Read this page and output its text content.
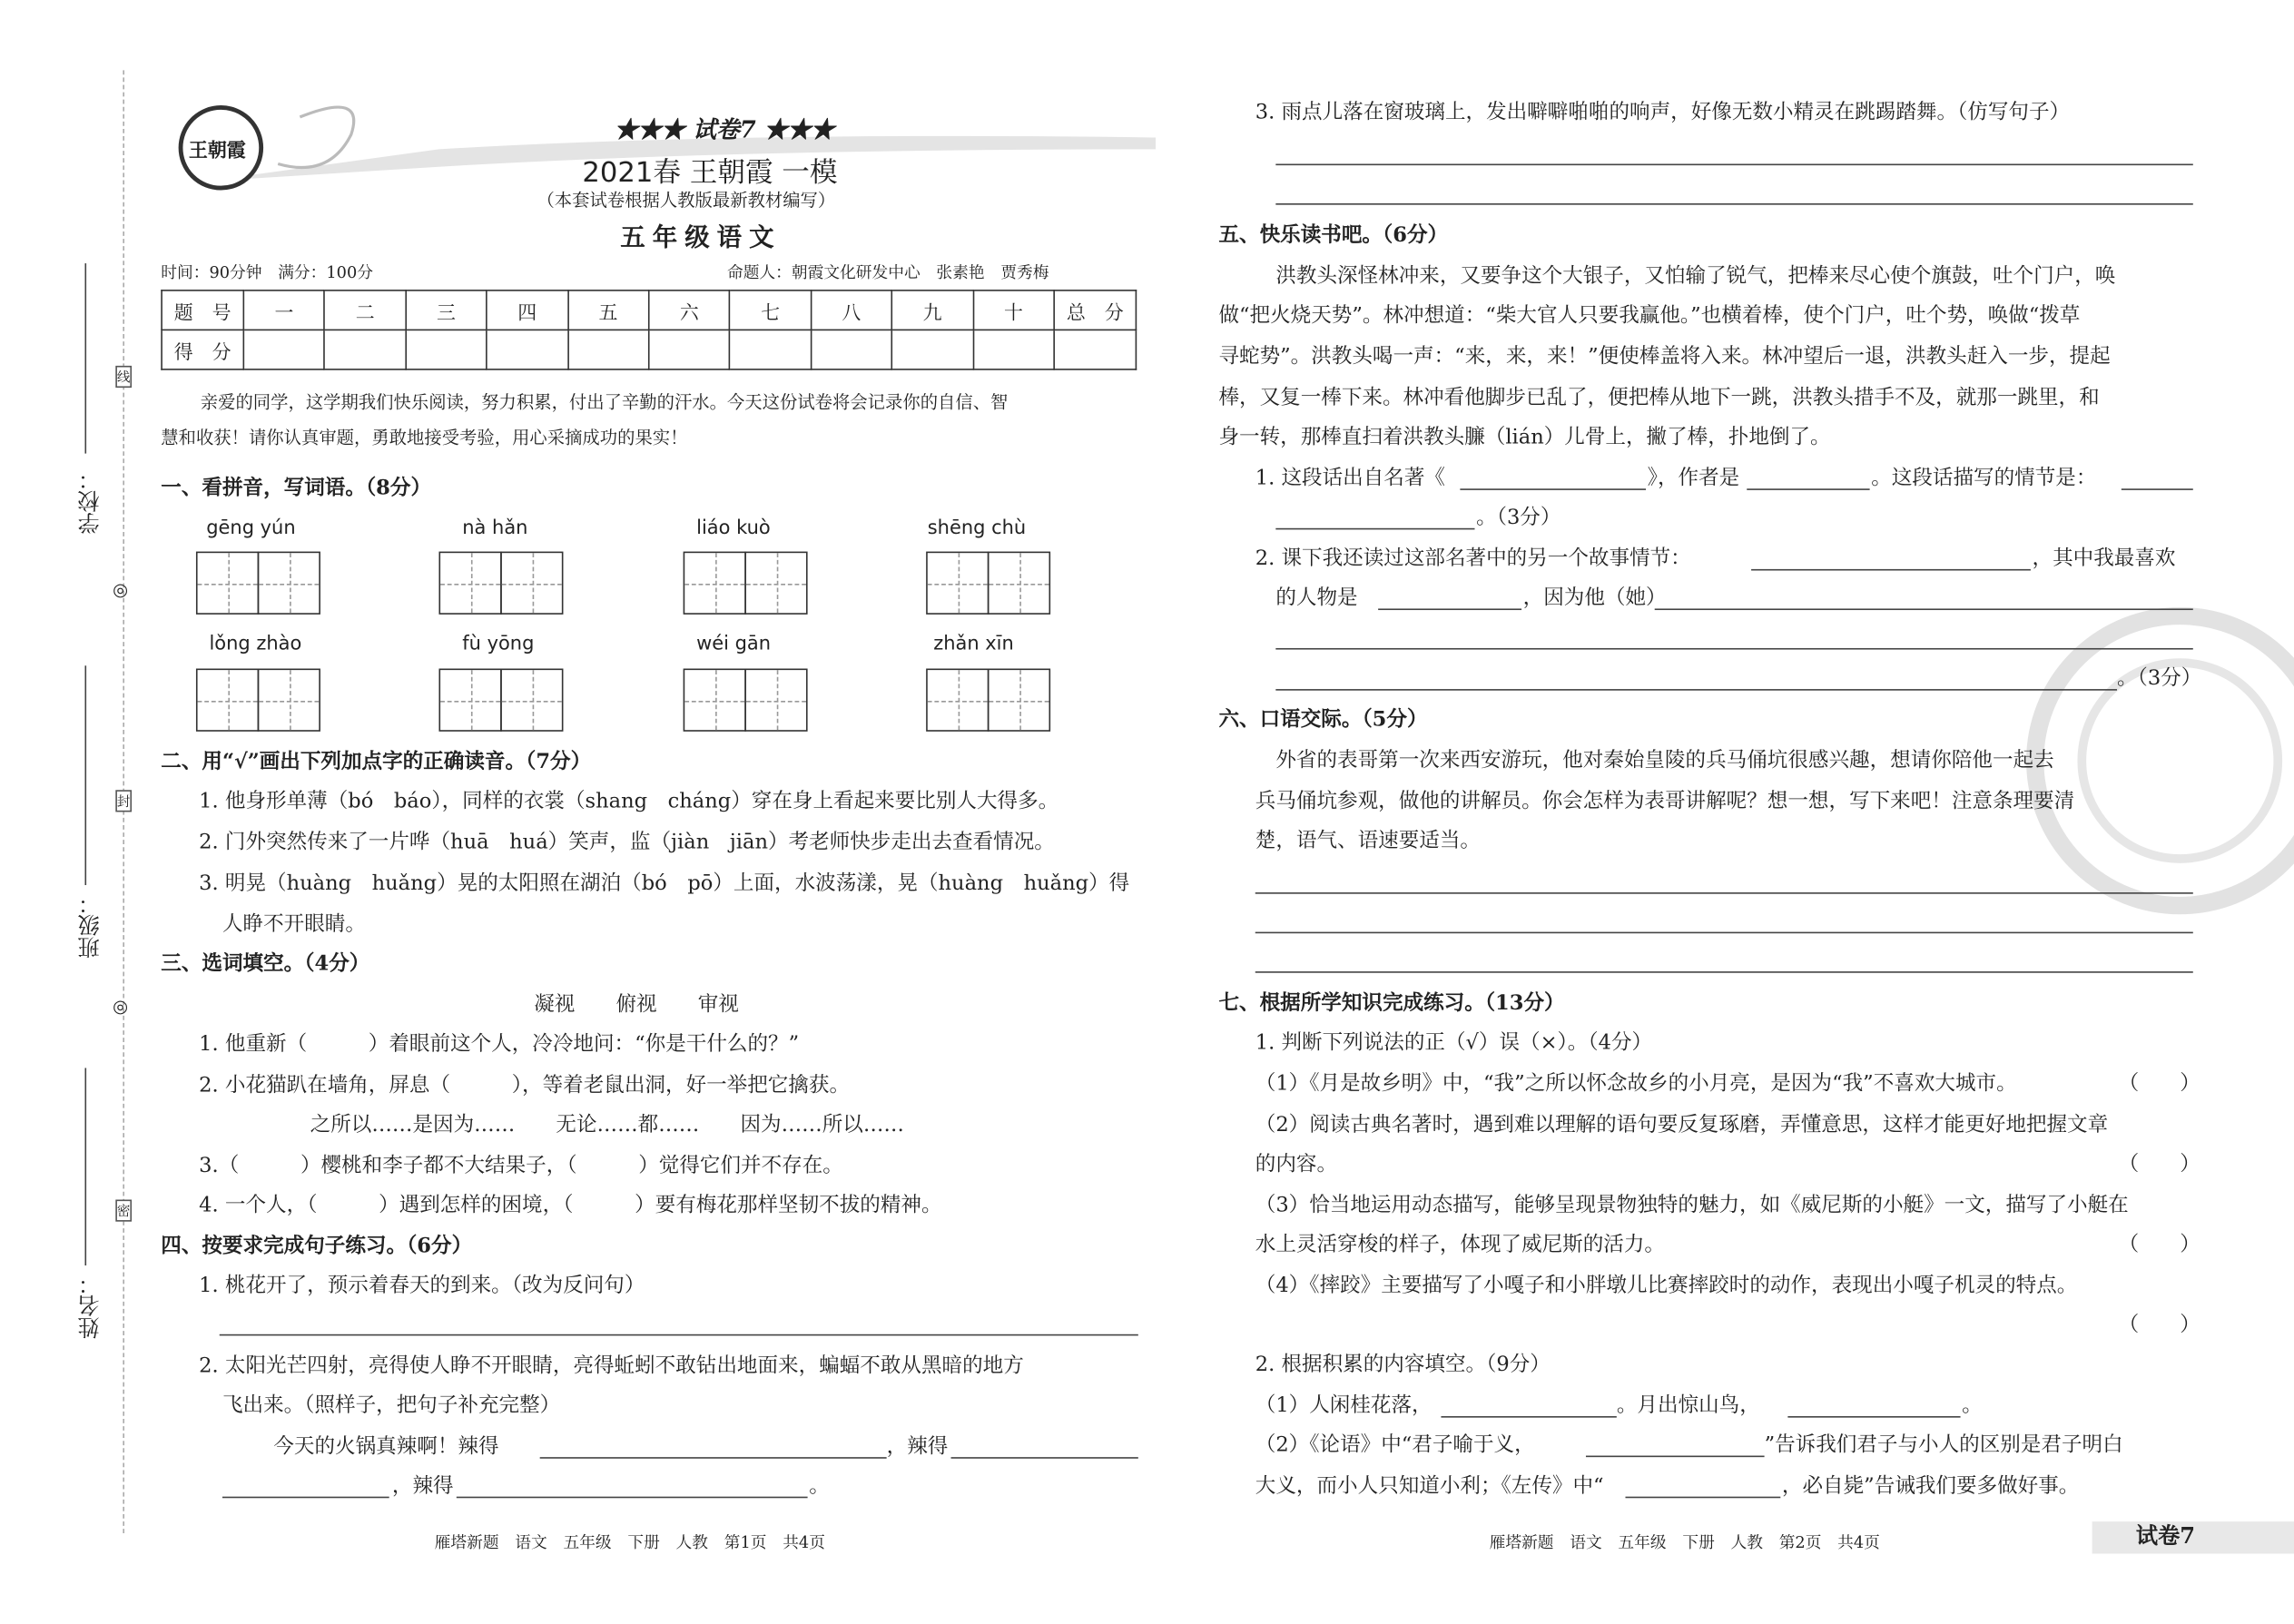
线
封
密
学校：
班级：
姓名：
◎
◎
王朝霞
★★★ 试卷7 ★★★
2021春 王朝霞 一模
（本套试卷根据人教版最新教材编写）
五年级语文
时间：90分钟　满分：100分	命题人：朝霞文化研发中心　张素艳　贾秀梅
题　号	一	二	三	四	五	六	七	八	九	十	总　分
得　分											
亲爱的同学，这学期我们快乐阅读，努力积累，付出了辛勤的汗水。今天这份试卷将会记录你的自信、智
慧和收获！请你认真审题，勇敢地接受考验，用心采摘成功的果实！
一、看拼音，写词语。（8分）
gēng yún	nà hǎn	liáo kuò	shēng chù
lǒng zhào	fù yōng	wéi gān	zhǎn xīn
二、用“√”画出下列加点字的正确读音。（7分）
1. 他身形单薄（bó　báo），同样的衣裳（shang　cháng）穿在身上看起来要比别人大得多。
2. 门外突然传来了一片哗（huā　huá）笑声，监（jiàn　jiān）考老师快步走出去查看情况。
3. 明晃（huàng　huǎng）晃的太阳照在湖泊（bó　pō）上面，水波荡漾，晃（huàng　huǎng）得
人睁不开眼睛。
三、选词填空。（4分）
凝视　　俯视　　审视
1. 他重新（　　　）着眼前这个人，冷冷地问：“你是干什么的？”
2. 小花猫趴在墙角，屏息（　　　），等着老鼠出洞，好一举把它擒获。
之所以……是因为……　　无论……都……　　因为……所以……
3.（　　　）樱桃和李子都不大结果子，（　　　）觉得它们并不存在。
4. 一个人，（　　　）遇到怎样的困境，（　　　）要有梅花那样坚韧不拔的精神。
四、按要求完成句子练习。（6分）
1. 桃花开了，预示着春天的到来。（改为反问句）
2. 太阳光芒四射，亮得使人睁不开眼睛，亮得蚯蚓不敢钻出地面来，蝙蝠不敢从黑暗的地方
飞出来。（照样子，把句子补充完整）
今天的火锅真辣啊！辣得	，辣得
，辣得	。
雁塔新题　语文　五年级　下册　人教　第1页　共4页
3. 雨点儿落在窗玻璃上，发出噼噼啪啪的响声，好像无数小精灵在跳踢踏舞。（仿写句子）
五、快乐读书吧。（6分）
洪教头深怪林冲来，又要争这个大银子，又怕输了锐气，把棒来尽心使个旗鼓，吐个门户，唤
做“把火烧天势”。林冲想道：“柴大官人只要我赢他。”也横着棒，使个门户，吐个势，唤做“拨草
寻蛇势”。洪教头喝一声：“来，来，来！”便使棒盖将入来。林冲望后一退，洪教头赶入一步，提起
棒，又复一棒下来。林冲看他脚步已乱了，便把棒从地下一跳，洪教头措手不及，就那一跳里，和
身一转，那棒直扫着洪教头臁（lián）儿骨上，撇了棒，扑地倒了。
1. 这段话出自名著《	》，作者是	。这段话描写的情节是：
。（3分）
2. 课下我还读过这部名著中的另一个故事情节：	，其中我最喜欢
的人物是	，因为他（她）
。（3分）
六、口语交际。（5分）
外省的表哥第一次来西安游玩，他对秦始皇陵的兵马俑坑很感兴趣，想请你陪他一起去
兵马俑坑参观，做他的讲解员。你会怎样为表哥讲解呢？想一想，写下来吧！注意条理要清
楚，语气、语速要适当。
七、根据所学知识完成练习。（13分）
1. 判断下列说法的正（√）误（×）。（4分）
（1）《月是故乡明》中，“我”之所以怀念故乡的小月亮，是因为“我”不喜欢大城市。	（　　）
（2）阅读古典名著时，遇到难以理解的语句要反复琢磨，弄懂意思，这样才能更好地把握文章
的内容。	（　　）
（3）恰当地运用动态描写，能够呈现景物独特的魅力，如《威尼斯的小艇》一文，描写了小艇在
水上灵活穿梭的样子，体现了威尼斯的活力。	（　　）
（4）《摔跤》主要描写了小嘎子和小胖墩儿比赛摔跤时的动作，表现出小嘎子机灵的特点。
（　　）
2. 根据积累的内容填空。（9分）
（1）人闲桂花落，	。月出惊山鸟，	。
（2）《论语》中“君子喻于义，	”告诉我们君子与小人的区别是君子明白
大义，而小人只知道小利；《左传》中“	，必自毙”告诫我们要多做好事。
雁塔新题　语文　五年级　下册　人教　第2页　共4页	试卷7
